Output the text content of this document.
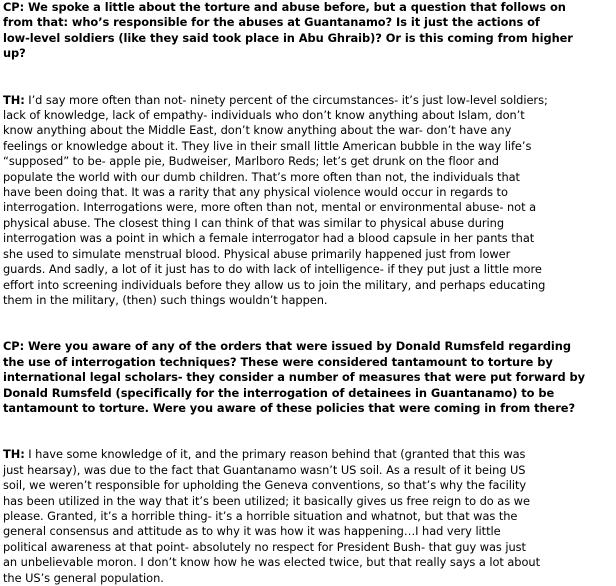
CP: We spoke a little about the torture and abuse before, but a question that follows on
from that: who’s responsible for the abuses at Guantanamo? Is it just the actions of
low-level soldiers (like they said took place in Abu Ghraib)? Or is this coming from higher
up?

TH: I’d say more often than not- ninety percent of the circumstances- it’s just low-level soldiers;
lack of knowledge, lack of empathy- individuals who don’t know anything about Islam, don’t
know anything about the Middle East, don’t know anything about the war- don’t have any
feelings or knowledge about it. They live in their small little American bubble in the way life’s
“supposed” to be- apple pie, Budweiser, Marlboro Reds; let’s get drunk on the floor and
populate the world with our dumb children. That’s more often than not, the individuals that
have been doing that. It was a rarity that any physical violence would occur in regards to
interrogation. Interrogations were, more often than not, mental or environmental abuse- not a
physical abuse. The closest thing I can think of that was similar to physical abuse during
interrogation was a point in which a female interrogator had a blood capsule in her pants that
she used to simulate menstrual blood. Physical abuse primarily happened just from lower
guards. And sadly, a lot of it just has to do with lack of intelligence- if they put just a little more
effort into screening individuals before they allow us to join the military, and perhaps educating
them in the military, (then) such things wouldn’t happen.

CP: Were you aware of any of the orders that were issued by Donald Rumsfeld regarding
the use of interrogation techniques? These were considered tantamount to torture by
international legal scholars- they consider a number of measures that were put forward by
Donald Rumsfeld (specifically for the interrogation of detainees in Guantanamo) to be
tantamount to torture. Were you aware of these policies that were coming in from there?

TH: I have some knowledge of it, and the primary reason behind that (granted that this was
just hearsay), was due to the fact that Guantanamo wasn’t US soil. As a result of it being US
soil, we weren’t responsible for upholding the Geneva conventions, so that’s why the facility
has been utilized in the way that it’s been utilized; it basically gives us free reign to do as we
please. Granted, it’s a horrible thing- it’s a horrible situation and whatnot, but that was the
general consensus and attitude as to why it was how it was happening…I had very little
political awareness at that point- absolutely no respect for President Bush- that guy was just
an unbelievable moron. I don’t know how he was elected twice, but that really says a lot about
the US’s general population.
